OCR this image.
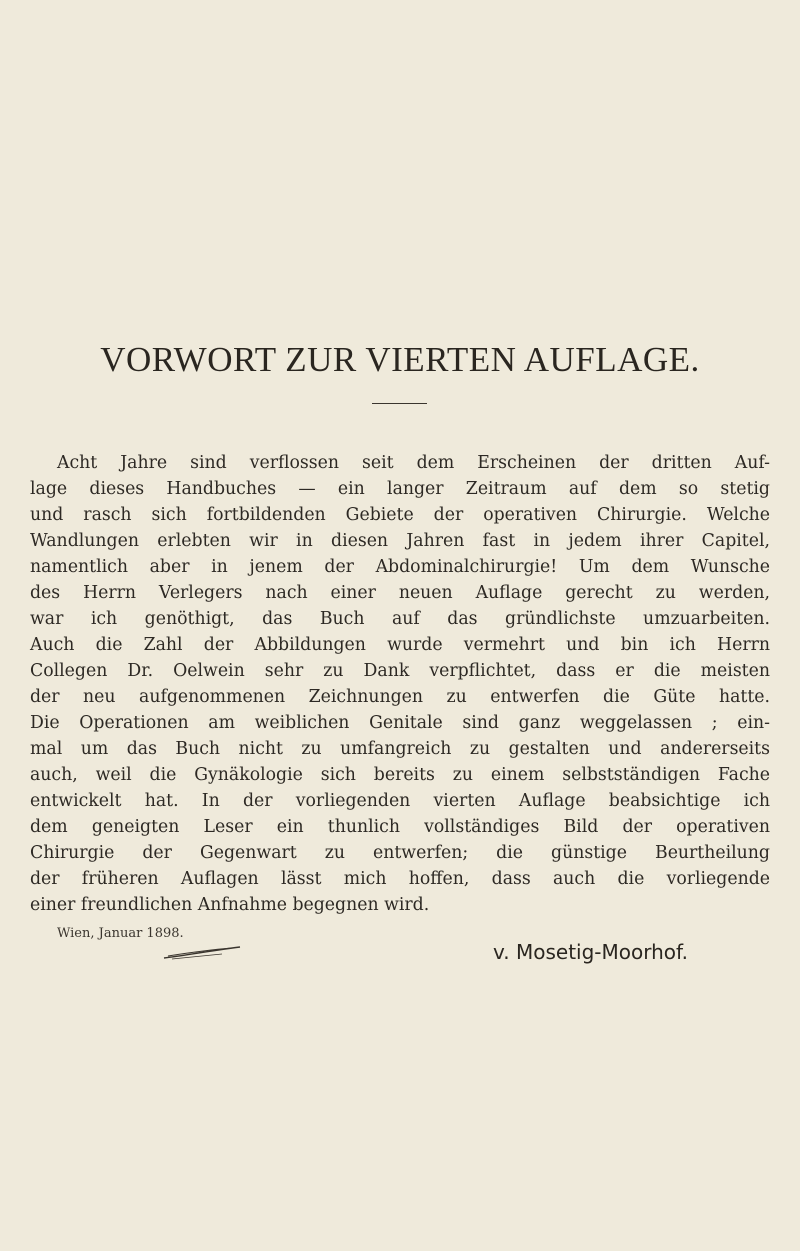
VORWORT ZUR VIERTEN AUFLAGE.
Acht Jahre sind verflossen seit dem Erscheinen der dritten Auf-
lage dieses Handbuches — ein langer Zeitraum auf dem so stetig
und rasch sich fortbildenden Gebiete der operativen Chirurgie. Welche
Wandlungen erlebten wir in diesen Jahren fast in jedem ihrer Capitel,
namentlich aber in jenem der Abdominalchirurgie! Um dem Wunsche
des Herrn Verlegers nach einer neuen Auflage gerecht zu werden,
war ich genöthigt, das Buch auf das gründlichste umzuarbeiten.
Auch die Zahl der Abbildungen wurde vermehrt und bin ich Herrn
Collegen Dr. Oelwein sehr zu Dank verpflichtet, dass er die meisten
der neu aufgenommenen Zeichnungen zu entwerfen die Güte hatte.
Die Operationen am weiblichen Genitale sind ganz weggelassen ; ein-
mal um das Buch nicht zu umfangreich zu gestalten und andererseits
auch, weil die Gynäkologie sich bereits zu einem selbstständigen Fache
entwickelt hat. In der vorliegenden vierten Auflage beabsichtige ich
dem geneigten Leser ein thunlich vollständiges Bild der operativen
Chirurgie der Gegenwart zu entwerfen; die günstige Beurtheilung
der früheren Auflagen lässt mich hoffen, dass auch die vorliegende
einer freundlichen Anfnahme begegnen wird.
Wien, Januar 1898.
v. Mosetig-Moorhof.
